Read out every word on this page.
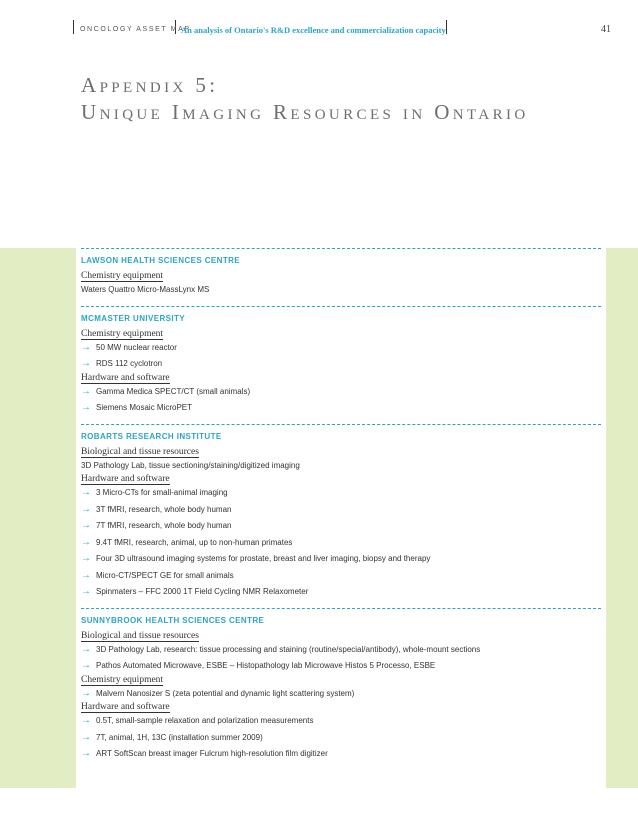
ONCOLOGY ASSET MAP
An analysis of Ontario's R&D excellence and commercialization capacity	41
Appendix 5:
Unique Imaging Resources in Ontario
LAWSON HEALTH SCIENCES CENTRE
Chemistry equipment
Waters Quattro Micro-MassLynx MS
MCMASTER UNIVERSITY
Chemistry equipment
→ 50 MW nuclear reactor
→ RDS 112 cyclotron
Hardware and software
→ Gamma Medica SPECT/CT (small animals)
→ Siemens Mosaic MicroPET
ROBARTS RESEARCH INSTITUTE
Biological and tissue resources
3D Pathology Lab, tissue sectioning/staining/digitized imaging
Hardware and software
→ 3 Micro-CTs for small-animal imaging
→ 3T fMRI, research, whole body human
→ 7T fMRI, research, whole body human
→ 9.4T fMRI, research, animal, up to non-human primates
→ Four 3D ultrasound imaging systems for prostate, breast and liver imaging, biopsy and therapy
→ Micro-CT/SPECT GE for small animals
→ Spinmaters – FFC 2000 1T Field Cycling NMR Relaxometer
SUNNYBROOK HEALTH SCIENCES CENTRE
Biological and tissue resources
→ 3D Pathology Lab, research: tissue processing and staining (routine/special/antibody), whole-mount sections
→ Pathos Automated Microwave, ESBE – Histopathology lab Microwave Histos 5 Processo, ESBE
Chemistry equipment
→ Malvern Nanosizer S (zeta potential and dynamic light scattering system)
Hardware and software
→ 0.5T, small-sample relaxation and polarization measurements
→ 7T, animal, 1H, 13C (installation summer 2009)
→ ART SoftScan breast imager Fulcrum high-resolution film digitizer
